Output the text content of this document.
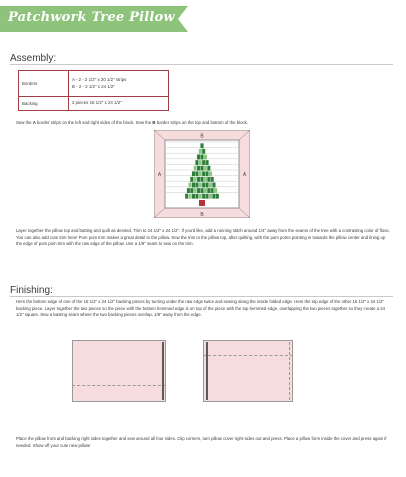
Patchwork Tree Pillow
Assembly:
Borders	A - 2 - 2 1/2" x 20 1/2" strips
B - 2 - 2 1/2" x 24 1/2"

Backing	2 pieces 16 1/2" x 24 1/2"
Sew the A border strips on the left and right sides of the block. Sew the B border strips on the top and bottom of the block.
B
B
A	A
Layer together the pillow top and batting and quilt as desired. Trim to 24 1/2" x 24 1/2". If you'd like, add a running stitch around 1/4" away from the seams of the tree with a contrasting color of floss. You can also add cute trim here! Pom pom trim makes a great detail to the pillow. Sew the trim to the pillow top, after quilting, with the pom poms pointing in towards the pillow center and lining up the edge of pom pom trim with the raw edge of the pillow. Use a 1/8" seam to sew on the trim.
Finishing:
Hem the bottom edge of one of the 16 1/2" x 24 1/2" backing pieces by turning under the raw edge twice and sewing along the inside folded edge. Hem the top edge of the other 16 1/2" x 24 1/2" backing piece. Layer together the two pieces so the piece with the bottom hemmed edge is on top of the piece with the top hemmed edge, overlapping the two pieces together so they create a 24 1/2" square. Sew a basting seam where the two backing pieces overlap, 1/8" away from the edge.
Place the pillow front and backing right sides together and sew around all four sides. Clip corners, turn pillow cover right sides out and press. Place a pillow form inside the cover and press again if needed. Show off your cute new pillow!
